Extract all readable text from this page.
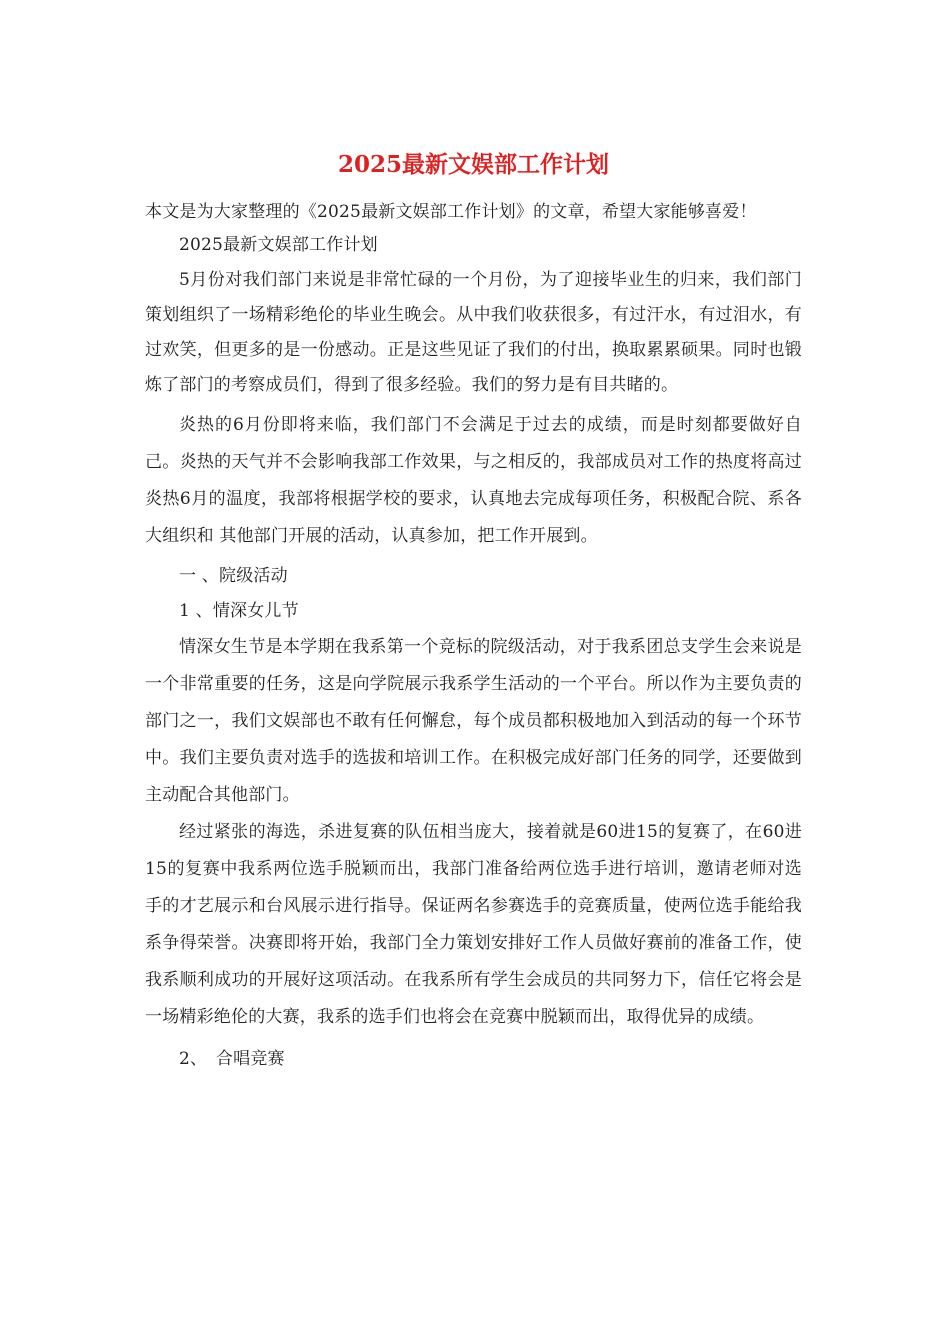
2025最新文娱部工作计划

本文是为大家整理的《2025最新文娱部工作计划》的文章，希望大家能够喜爱！

2025最新文娱部工作计划

5月份对我们部门来说是非常忙碌的一个月份，为了迎接毕业生的归来，我们部门策划组织了一场精彩绝伦的毕业生晚会。从中我们收获很多，有过汗水，有过泪水，有过欢笑，但更多的是一份感动。正是这些见证了我们的付出，换取累累硕果。同时也锻炼了部门的考察成员们，得到了很多经验。我们的努力是有目共睹的。

炎热的6月份即将来临，我们部门不会满足于过去的成绩，而是时刻都要做好自己。炎热的天气并不会影响我部工作效果，与之相反的，我部成员对工作的热度将高过炎热6月的温度，我部将根据学校的要求，认真地去完成每项任务，积极配合院、系各大组织和 其他部门开展的活动，认真参加，把工作开展到。

一 、院级活动

1 、情深女儿节

情深女生节是本学期在我系第一个竞标的院级活动，对于我系团总支学生会来说是一个非常重要的任务，这是向学院展示我系学生活动的一个平台。所以作为主要负责的部门之一，我们文娱部也不敢有任何懈怠，每个成员都积极地加入到活动的每一个环节中。我们主要负责对选手的选拔和培训工作。在积极完成好部门任务的同学，还要做到主动配合其他部门。

经过紧张的海选，杀进复赛的队伍相当庞大，接着就是60进15的复赛了，在60进15的复赛中我系两位选手脱颖而出，我部门准备给两位选手进行培训，邀请老师对选手的才艺展示和台风展示进行指导。保证两名参赛选手的竞赛质量，使两位选手能给我系争得荣誉。决赛即将开始，我部门全力策划安排好工作人员做好赛前的准备工作，使我系顺利成功的开展好这项活动。在我系所有学生会成员的共同努力下，信任它将会是一场精彩绝伦的大赛，我系的选手们也将会在竞赛中脱颖而出，取得优异的成绩。

2、　合唱竞赛
